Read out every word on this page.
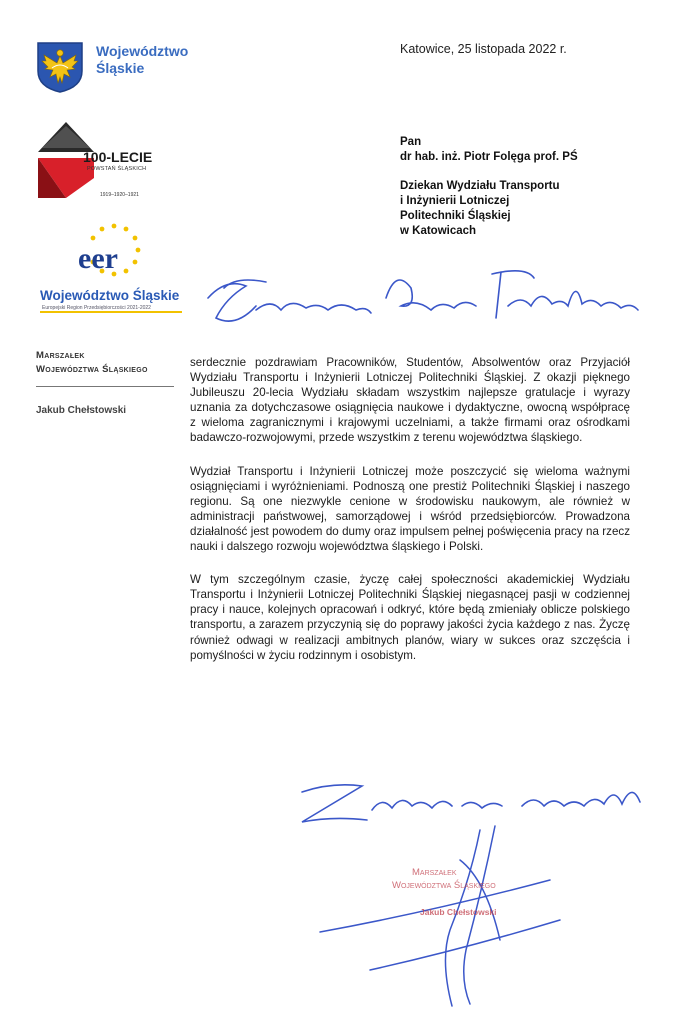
Województwo
Śląskie
Katowice, 25 listopada 2022 r.
Pan
dr hab. inż. Piotr Folęga prof. PŚ
Dziekan Wydziału Transportu
i Inżynierii Lotniczej
Politechniki Śląskiej
w Katowicach
100-LECIE
POWSTAŃ ŚLĄSKICH
1919–1920–1921
eer
Województwo Śląskie
Europejski Region Przedsiębiorczości 2021-2022
Marszałek
Województwa Śląskiego
Jakub Chełstowski

serdecznie pozdrawiam Pracowników, Studentów, Absolwentów oraz Przyjaciół Wydziału Transportu i Inżynierii Lotniczej Politechniki Śląskiej. Z okazji pięknego Jubileuszu 20-lecia Wydziału składam wszystkim najlepsze gratulacje i wyrazy uznania za dotychczasowe osiągnięcia naukowe i dydaktyczne, owocną współpracę z wieloma zagranicznymi i krajowymi uczelniami, a także firmami oraz ośrodkami badawczo-rozwojowymi, przede wszystkim z terenu województwa śląskiego.

Wydział Transportu i Inżynierii Lotniczej może poszczycić się wieloma ważnymi osiągnięciami i wyróżnieniami. Podnoszą one prestiż Politechniki Śląskiej i naszego regionu. Są one niezwykle cenione w środowisku naukowym, ale również w administracji państwowej, samorządowej i wśród przedsiębiorców. Prowadzona działalność jest powodem do dumy oraz impulsem pełnej poświęcenia pracy na rzecz nauki i dalszego rozwoju województwa śląskiego i Polski.

W tym szczególnym czasie, życzę całej społeczności akademickiej Wydziału Transportu i Inżynierii Lotniczej Politechniki Śląskiej niegasnącej pasji w codziennej pracy i nauce, kolejnych opracowań i odkryć, które będą zmieniały oblicze polskiego transportu, a zarazem przyczynią się do poprawy jakości życia każdego z nas. Życzę również odwagi w realizacji ambitnych planów, wiary w sukces oraz szczęścia i pomyślności w życiu rodzinnym i osobistym.

Marszałek
Województwa Śląskiego
Jakub Chełstowski
